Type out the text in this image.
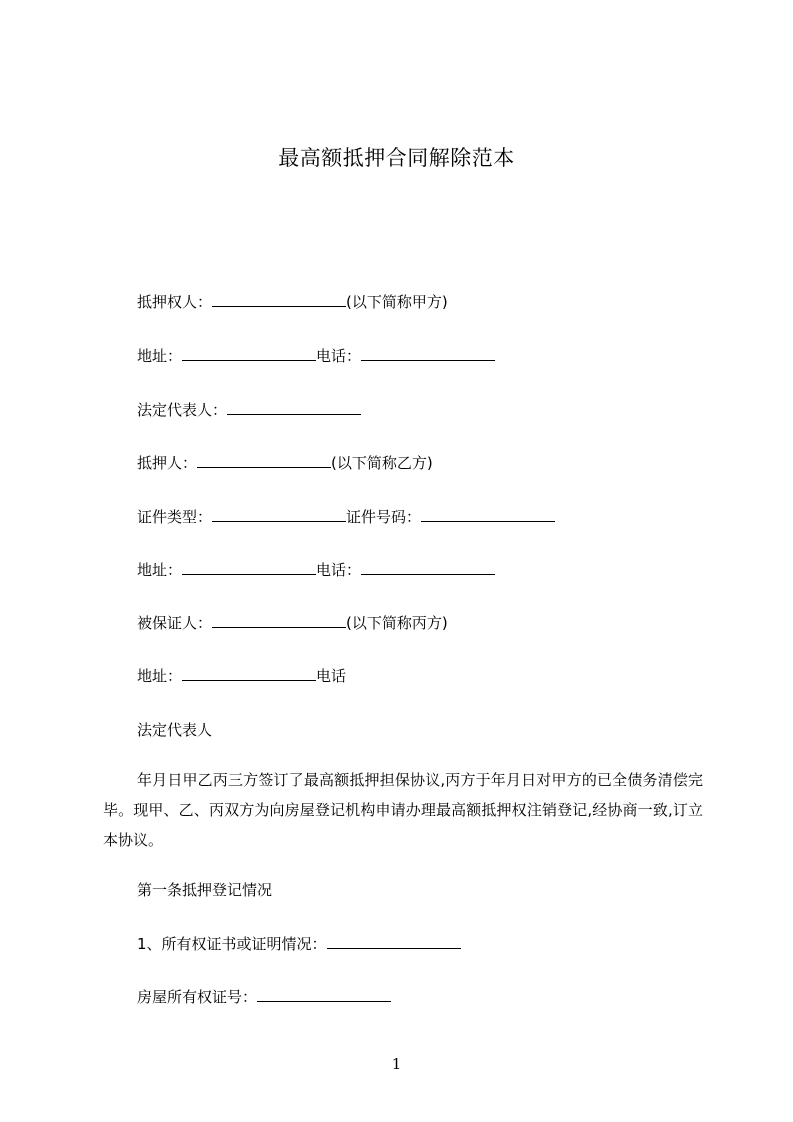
最高额抵押合同解除范本
抵押权人：	(以下简称甲方)
地址：	电话：
法定代表人：
抵押人：	(以下简称乙方)
证件类型：	证件号码：
地址：	电话：
被保证人：	(以下简称丙方)
地址：	电话
法定代表人
年月日甲乙丙三方签订了最高额抵押担保协议,丙方于年月日对甲方的已全债务清偿完毕。现甲、乙、丙双方为向房屋登记机构申请办理最高额抵押权注销登记,经协商一致,订立本协议。
第一条抵押登记情况
1、所有权证书或证明情况：
房屋所有权证号：
1
